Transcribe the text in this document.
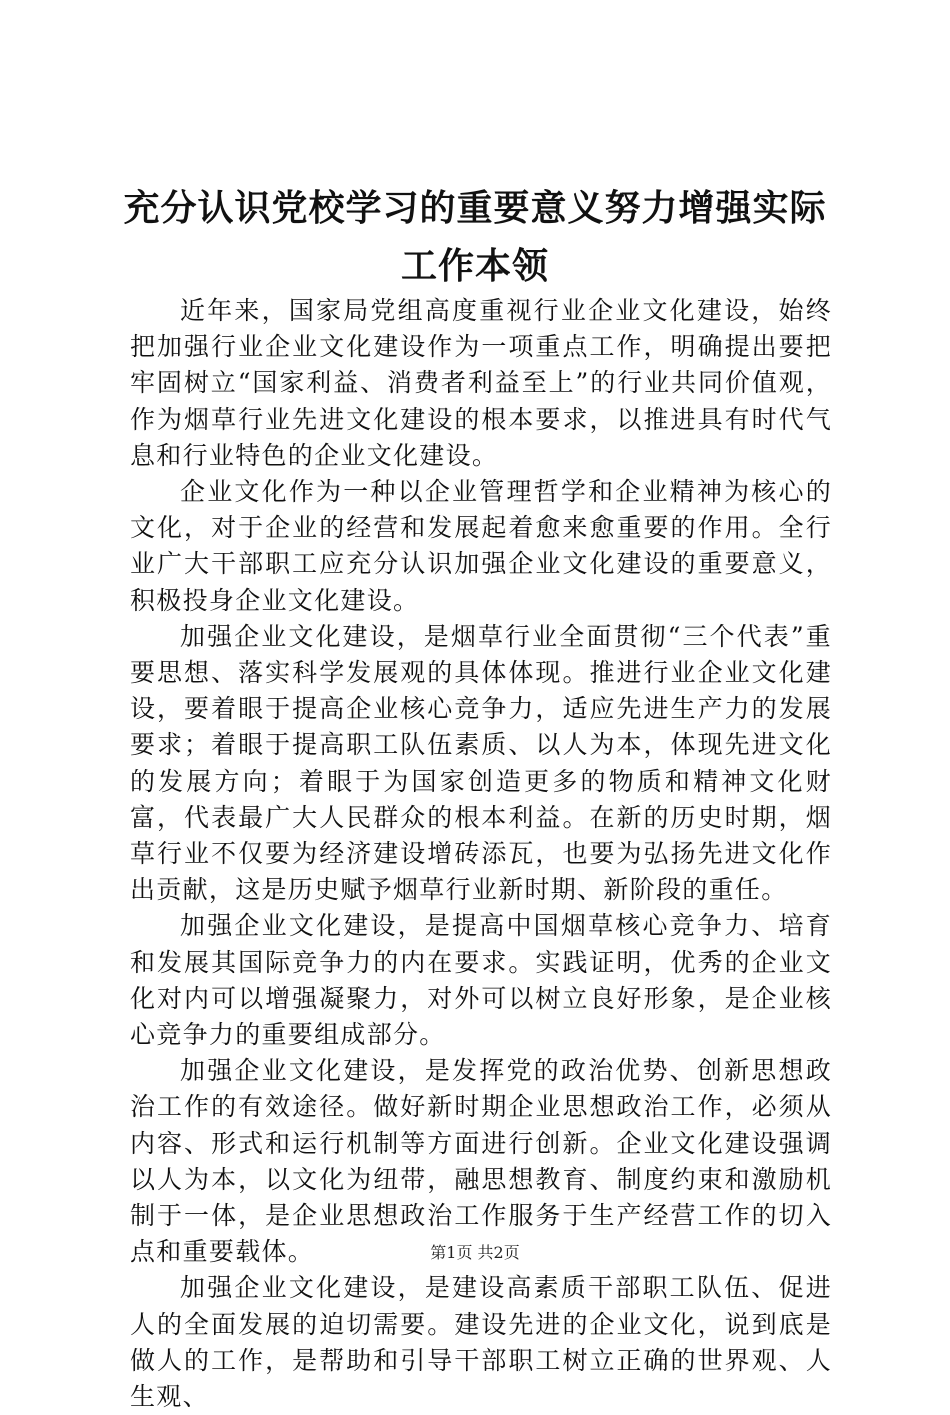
充分认识党校学习的重要意义努力增强实际工作本领

近年来，国家局党组高度重视行业企业文化建设，始终把加强行业企业文化建设作为一项重点工作，明确提出要把牢固树立“国家利益、消费者利益至上”的行业共同价值观，作为烟草行业先进文化建设的根本要求，以推进具有时代气息和行业特色的企业文化建设。

企业文化作为一种以企业管理哲学和企业精神为核心的文化，对于企业的经营和发展起着愈来愈重要的作用。全行业广大干部职工应充分认识加强企业文化建设的重要意义，积极投身企业文化建设。

加强企业文化建设，是烟草行业全面贯彻“三个代表”重要思想、落实科学发展观的具体体现。推进行业企业文化建设，要着眼于提高企业核心竞争力，适应先进生产力的发展要求；着眼于提高职工队伍素质、以人为本，体现先进文化的发展方向；着眼于为国家创造更多的物质和精神文化财富，代表最广大人民群众的根本利益。在新的历史时期，烟草行业不仅要为经济建设增砖添瓦，也要为弘扬先进文化作出贡献，这是历史赋予烟草行业新时期、新阶段的重任。

加强企业文化建设，是提高中国烟草核心竞争力、培育和发展其国际竞争力的内在要求。实践证明，优秀的企业文化对内可以增强凝聚力，对外可以树立良好形象，是企业核心竞争力的重要组成部分。

加强企业文化建设，是发挥党的政治优势、创新思想政治工作的有效途径。做好新时期企业思想政治工作，必须从内容、形式和运行机制等方面进行创新。企业文化建设强调以人为本，以文化为纽带，融思想教育、制度约束和激励机制于一体，是企业思想政治工作服务于生产经营工作的切入点和重要载体。

加强企业文化建设，是建设高素质干部职工队伍、促进人的全面发展的迫切需要。建设先进的企业文化，说到底是做人的工作，是帮助和引导干部职工树立正确的世界观、人生观、

第1页 共2页
